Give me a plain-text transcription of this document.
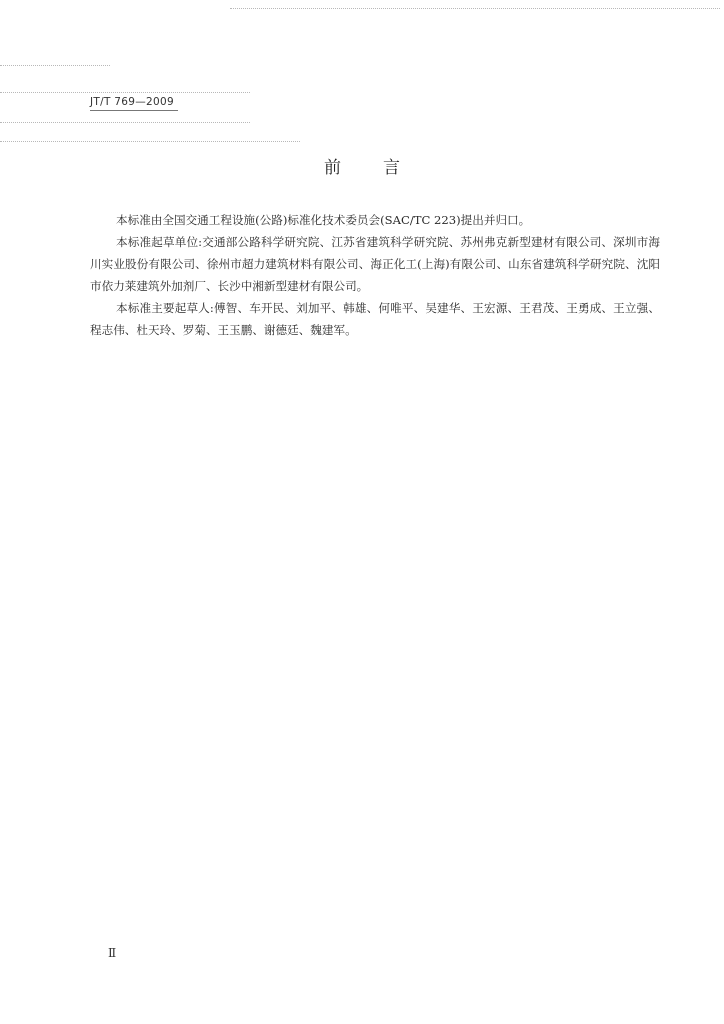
JT/T 769—2009
前言

本标准由全国交通工程设施(公路)标准化技术委员会(SAC/TC 223)提出并归口。

本标准起草单位:交通部公路科学研究院、江苏省建筑科学研究院、苏州弗克新型建材有限公司、深圳市海川实业股份有限公司、徐州市超力建筑材料有限公司、海正化工(上海)有限公司、山东省建筑科学研究院、沈阳市依力莱建筑外加剂厂、长沙中湘新型建材有限公司。

本标准主要起草人:傅智、车开民、刘加平、韩雄、何唯平、吴建华、王宏源、王君茂、王勇成、王立强、程志伟、杜天玲、罗菊、王玉鹏、谢德廷、魏建军。

Ⅱ
